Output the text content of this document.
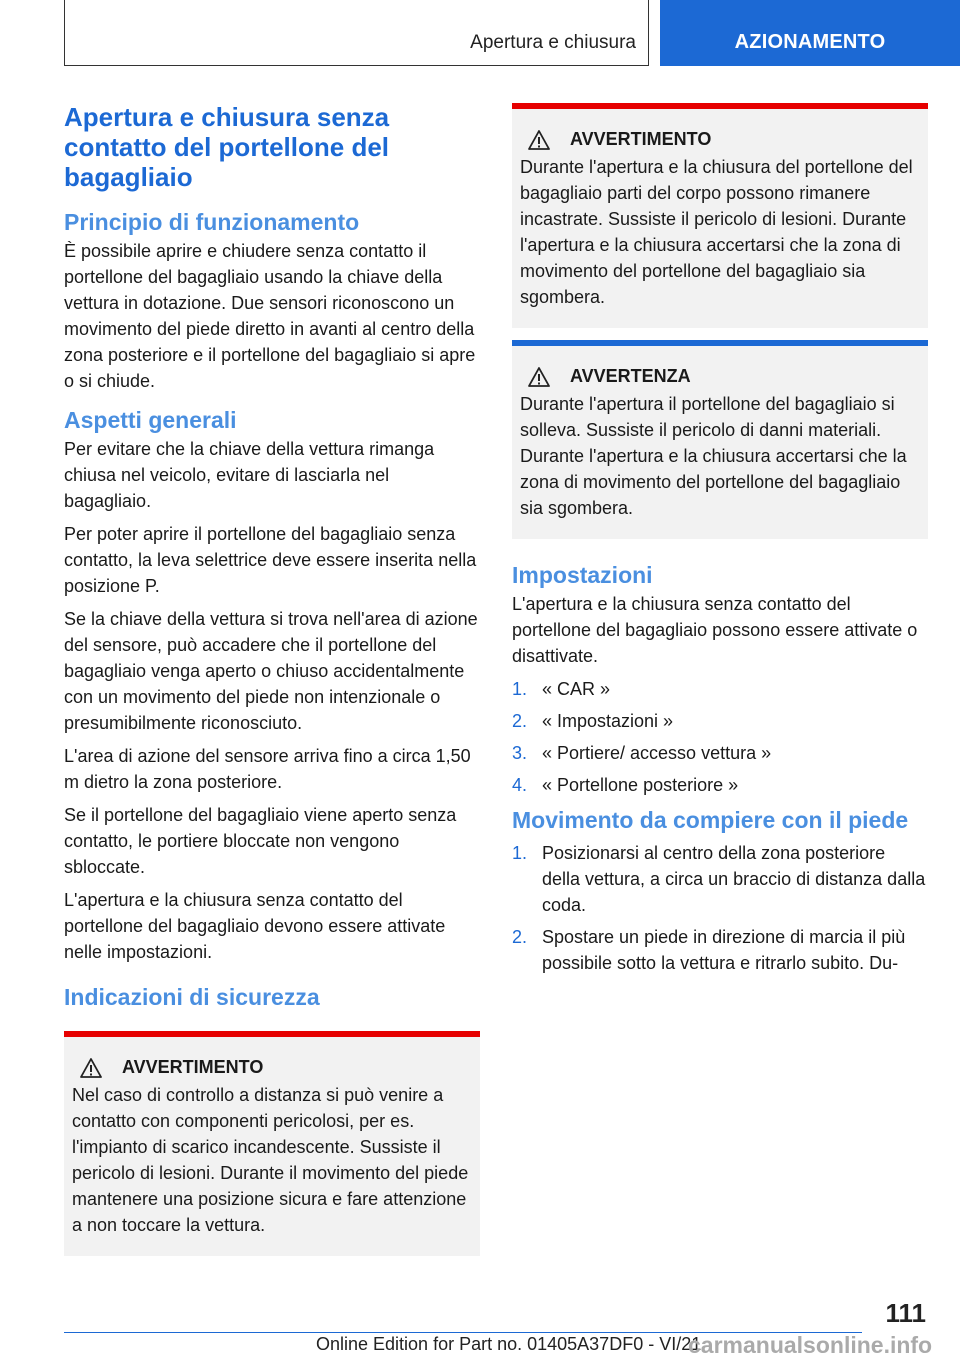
Apertura e chiusura	AZIONAMENTO
Apertura e chiusura senza contatto del portellone del bagagliaio
Principio di funzionamento

È possibile aprire e chiudere senza contatto il portellone del bagagliaio usando la chiave della vettura in dotazione. Due sensori riconoscono un movimento del piede diretto in avanti al centro della zona posteriore e il portellone del bagagliaio si apre o si chiude.

Aspetti generali

Per evitare che la chiave della vettura rimanga chiusa nel veicolo, evitare di lasciarla nel bagagliaio.

Per poter aprire il portellone del bagagliaio senza contatto, la leva selettrice deve essere inserita nella posizione P.

Se la chiave della vettura si trova nell'area di azione del sensore, può accadere che il portellone del bagagliaio venga aperto o chiuso accidentalmente con un movimento del piede non intenzionale o presumibilmente riconosciuto.

L'area di azione del sensore arriva fino a circa 1,50 m dietro la zona posteriore.

Se il portellone del bagagliaio viene aperto senza contatto, le portiere bloccate non vengono sbloccate.

L'apertura e la chiusura senza contatto del portellone del bagagliaio devono essere attivate nelle impostazioni.

Indicazioni di sicurezza
AVVERTIMENTO

Nel caso di controllo a distanza si può venire a contatto con componenti pericolosi, per es. l'impianto di scarico incandescente. Sussiste il pericolo di lesioni. Durante il movimento del piede mantenere una posizione sicura e fare attenzione a non toccare la vettura.

AVVERTIMENTO

Durante l'apertura e la chiusura del portellone del bagagliaio parti del corpo possono rimanere incastrate. Sussiste il pericolo di lesioni. Durante l'apertura e la chiusura accertarsi che la zona di movimento del portellone del bagagliaio sia sgombera.

AVVERTENZA

Durante l'apertura il portellone del bagagliaio si solleva. Sussiste il pericolo di danni materiali. Durante l'apertura e la chiusura accertarsi che la zona di movimento del portellone del bagagliaio sia sgombera.

Impostazioni

L'apertura e la chiusura senza contatto del portellone del bagagliaio possono essere attivate o disattivate.

1. « CAR »
2. « Impostazioni »
3. « Portiere/ accesso vettura »
4. « Portellone posteriore »
Movimento da compiere con il piede
1. Posizionarsi al centro della zona posteriore della vettura, a circa un braccio di distanza dalla coda.
2. Spostare un piede in direzione di marcia il più possibile sotto la vettura e ritrarlo subito. Du-
111
Online Edition for Part no. 01405A37DF0 - VI/21
carmanualsonline.info
